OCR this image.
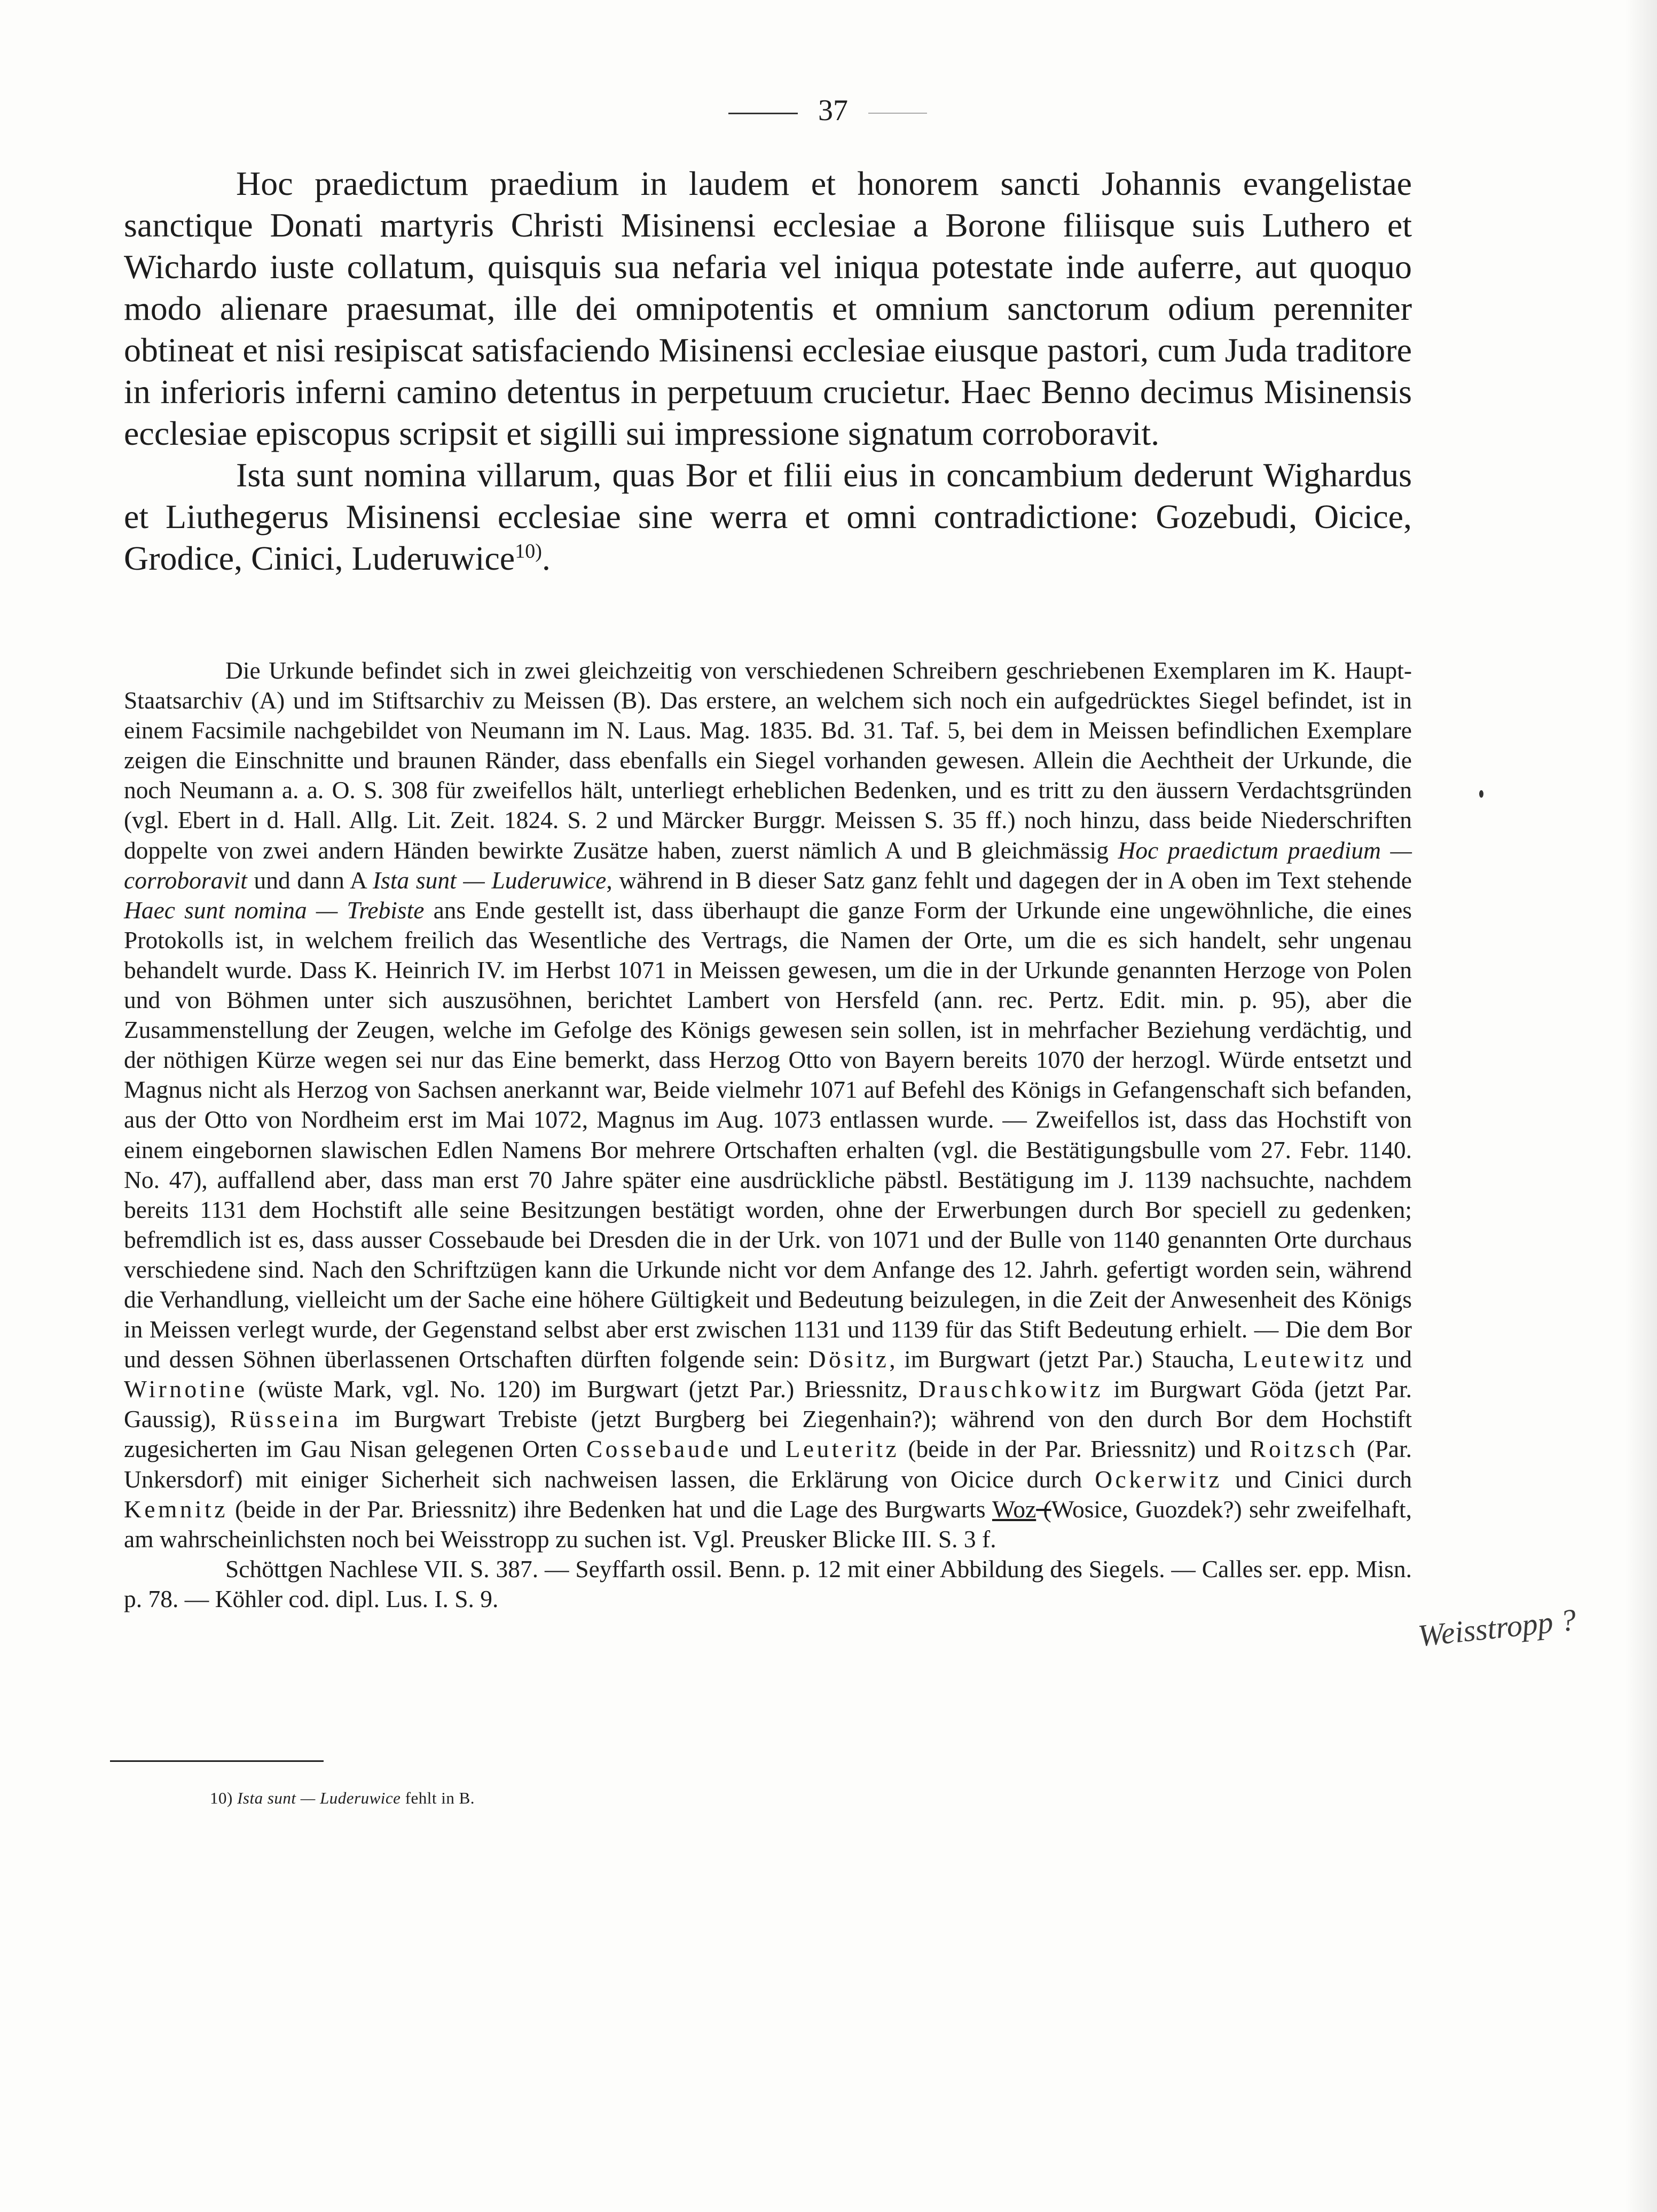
37

Hoc praedictum praedium in laudem et honorem sancti Johannis evangelistae sanctique Donati martyris Christi Misinensi ecclesiae a Borone filiisque suis Luthero et Wichardo iuste collatum, quisquis sua nefaria vel iniqua potestate inde auferre, aut quoquo modo alienare praesumat, ille dei omnipotentis et omnium sanctorum odium perenniter obtineat et nisi resipiscat satisfaciendo Misinensi ecclesiae eiusque pastori, cum Juda traditore in inferioris inferni camino detentus in perpetuum crucietur. Haec Benno decimus Misinensis ecclesiae episcopus scripsit et sigilli sui impressione signatum corroboravit.

Ista sunt nomina villarum, quas Bor et filii eius in concambium dederunt Wighardus et Liuthegerus Misinensi ecclesiae sine werra et omni contradictione: Gozebudi, Oicice, Grodice, Cinici, Luderuwice$^{10)}$.

Die Urkunde befindet sich in zwei gleichzeitig von verschiedenen Schreibern geschriebenen Exemplaren im K. Haupt-Staatsarchiv (A) und im Stiftsarchiv zu Meissen (B). Das erstere, an welchem sich noch ein aufgedrücktes Siegel befindet, ist in einem Facsimile nachgebildet von Neumann im N. Laus. Mag. 1835. Bd. 31. Taf. 5, bei dem in Meissen befindlichen Exemplare zeigen die Einschnitte und braunen Ränder, dass ebenfalls ein Siegel vorhanden gewesen. Allein die Aechtheit der Urkunde, die noch Neumann a. a. O. S. 308 für zweifellos hält, unterliegt erheblichen Bedenken, und es tritt zu den äussern Verdachtsgründen (vgl. Ebert in d. Hall. Allg. Lit. Zeit. 1824. S. 2 und Märcker Burggr. Meissen S. 35 ff.) noch hinzu, dass beide Niederschriften doppelte von zwei andern Händen bewirkte Zusätze haben, zuerst nämlich A und B gleichmässig Hoc praedictum praedium — corroboravit und dann A Ista sunt — Luderuwice, während in B dieser Satz ganz fehlt und dagegen der in A oben im Text stehende Haec sunt nomina — Trebiste ans Ende gestellt ist, dass überhaupt die ganze Form der Urkunde eine ungewöhnliche, die eines Protokolls ist, in welchem freilich das Wesentliche des Vertrags, die Namen der Orte, um die es sich handelt, sehr ungenau behandelt wurde. Dass K. Heinrich IV. im Herbst 1071 in Meissen gewesen, um die in der Urkunde genannten Herzoge von Polen und von Böhmen unter sich auszusöhnen, berichtet Lambert von Hersfeld (ann. rec. Pertz. Edit. min. p. 95), aber die Zusammenstellung der Zeugen, welche im Gefolge des Königs gewesen sein sollen, ist in mehrfacher Beziehung verdächtig, und der nöthigen Kürze wegen sei nur das Eine bemerkt, dass Herzog Otto von Bayern bereits 1070 der herzogl. Würde entsetzt und Magnus nicht als Herzog von Sachsen anerkannt war, Beide vielmehr 1071 auf Befehl des Königs in Gefangenschaft sich befanden, aus der Otto von Nordheim erst im Mai 1072, Magnus im Aug. 1073 entlassen wurde. — Zweifellos ist, dass das Hochstift von einem eingebornen slawischen Edlen Namens Bor mehrere Ortschaften erhalten (vgl. die Bestätigungsbulle vom 27. Febr. 1140. No. 47), auffallend aber, dass man erst 70 Jahre später eine ausdrückliche päbstl. Bestätigung im J. 1139 nachsuchte, nachdem bereits 1131 dem Hochstift alle seine Besitzungen bestätigt worden, ohne der Erwerbungen durch Bor speciell zu gedenken; befremdlich ist es, dass ausser Cossebaude bei Dresden die in der Urk. von 1071 und der Bulle von 1140 genannten Orte durchaus verschiedene sind. Nach den Schriftzügen kann die Urkunde nicht vor dem Anfange des 12. Jahrh. gefertigt worden sein, während die Verhandlung, vielleicht um der Sache eine höhere Gültigkeit und Bedeutung beizulegen, in die Zeit der Anwesenheit des Königs in Meissen verlegt wurde, der Gegenstand selbst aber erst zwischen 1131 und 1139 für das Stift Bedeutung erhielt. — Die dem Bor und dessen Söhnen überlassenen Ortschaften dürften folgende sein: Dösitz, im Burgwart (jetzt Par.) Staucha, Leutewitz und Wirnotine (wüste Mark, vgl. No. 120) im Burgwart (jetzt Par.) Briessnitz, Drauschkowitz im Burgwart Göda (jetzt Par. Gaussig), Rüsseina im Burgwart Trebiste (jetzt Burgberg bei Ziegenhain?); während von den durch Bor dem Hochstift zugesicherten im Gau Nisan gelegenen Orten Cossebaude und Leuteritz (beide in der Par. Briessnitz) und Roitzsch (Par. Unkersdorf) mit einiger Sicherheit sich nachweisen lassen, die Erklärung von Oicice durch Ockerwitz und Cinici durch Kemnitz (beide in der Par. Briessnitz) ihre Bedenken hat und die Lage des Burgwarts Woz (Wosice, Guozdek?) sehr zweifelhaft, am wahrscheinlichsten noch bei Weisstropp zu suchen ist. Vgl. Preusker Blicke III. S. 3 f.

Schöttgen Nachlese VII. S. 387. — Seyffarth ossil. Benn. p. 12 mit einer Abbildung des Siegels. — Calles ser. epp. Misn. p. 78. — Köhler cod. dipl. Lus. I. S. 9.

10) Ista sunt — Luderuwice fehlt in B.
Weisstropp ?
